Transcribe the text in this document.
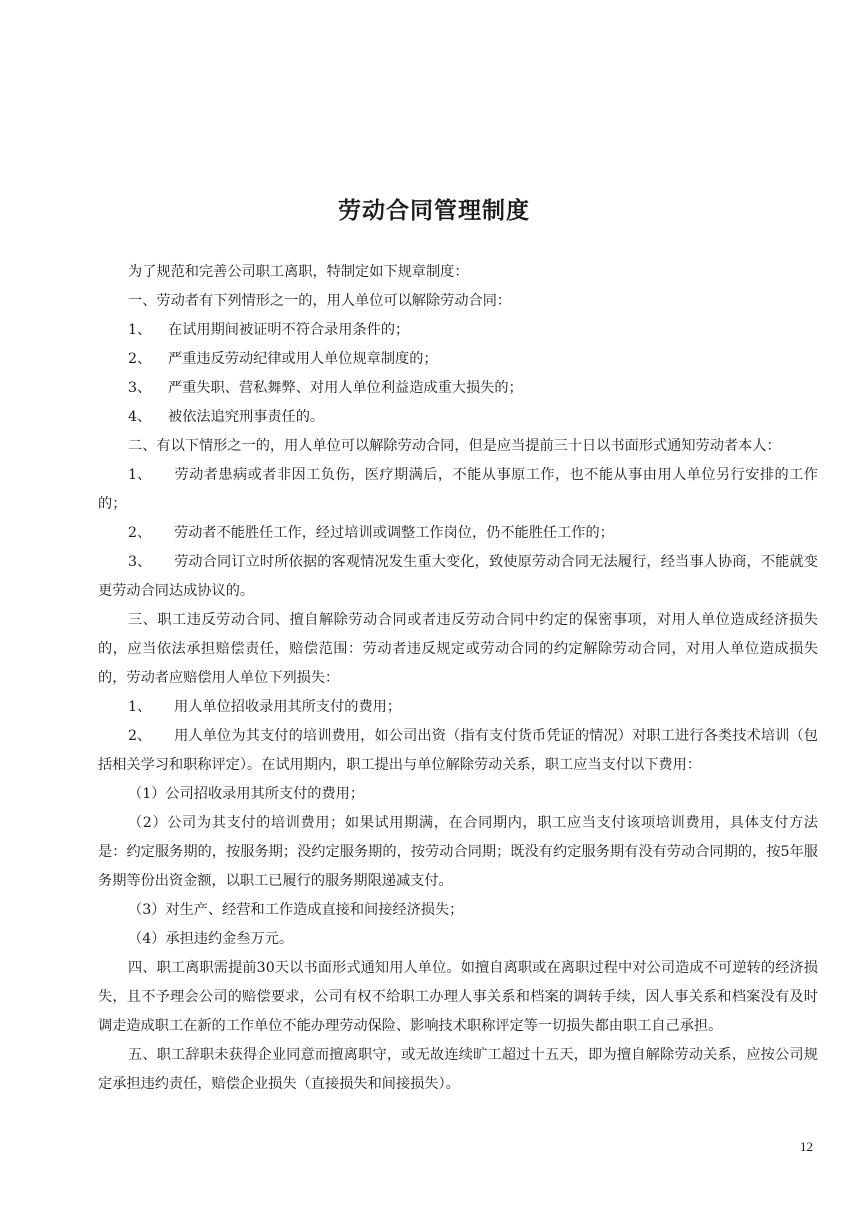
劳动合同管理制度

为了规范和完善公司职工离职，特制定如下规章制度：

一、劳动者有下列情形之一的，用人单位可以解除劳动合同：

1、 在试用期间被证明不符合录用条件的；

2、 严重违反劳动纪律或用人单位规章制度的；

3、 严重失职、营私舞弊、对用人单位利益造成重大损失的；

4、 被依法追究刑事责任的。

二、有以下情形之一的，用人单位可以解除劳动合同，但是应当提前三十日以书面形式通知劳动者本人：

1、 劳动者患病或者非因工负伤，医疗期满后，不能从事原工作，也不能从事由用人单位另行安排的工作的；

2、 劳动者不能胜任工作，经过培训或调整工作岗位，仍不能胜任工作的；

3、 劳动合同订立时所依据的客观情况发生重大变化，致使原劳动合同无法履行，经当事人协商，不能就变更劳动合同达成协议的。

三、职工违反劳动合同、擅自解除劳动合同或者违反劳动合同中约定的保密事项，对用人单位造成经济损失的，应当依法承担赔偿责任，赔偿范围：劳动者违反规定或劳动合同的约定解除劳动合同，对用人单位造成损失的，劳动者应赔偿用人单位下列损失：

1、 用人单位招收录用其所支付的费用；

2、 用人单位为其支付的培训费用，如公司出资（指有支付货币凭证的情况）对职工进行各类技术培训（包括相关学习和职称评定）。在试用期内，职工提出与单位解除劳动关系，职工应当支付以下费用：

（1）公司招收录用其所支付的费用；

（2）公司为其支付的培训费用；如果试用期满，在合同期内，职工应当支付该项培训费用，具体支付方法是：约定服务期的，按服务期；没约定服务期的，按劳动合同期；既没有约定服务期有没有劳动合同期的，按5年服务期等份出资金额，以职工已履行的服务期限递减支付。

（3）对生产、经营和工作造成直接和间接经济损失；

（4）承担违约金叁万元。

四、职工离职需提前30天以书面形式通知用人单位。如擅自离职或在离职过程中对公司造成不可逆转的经济损失，且不予理会公司的赔偿要求，公司有权不给职工办理人事关系和档案的调转手续，因人事关系和档案没有及时调走造成职工在新的工作单位不能办理劳动保险、影响技术职称评定等一切损失都由职工自己承担。

五、职工辞职未获得企业同意而擅离职守，或无故连续旷工超过十五天，即为擅自解除劳动关系，应按公司规定承担违约责任，赔偿企业损失（直接损失和间接损失）。

12
